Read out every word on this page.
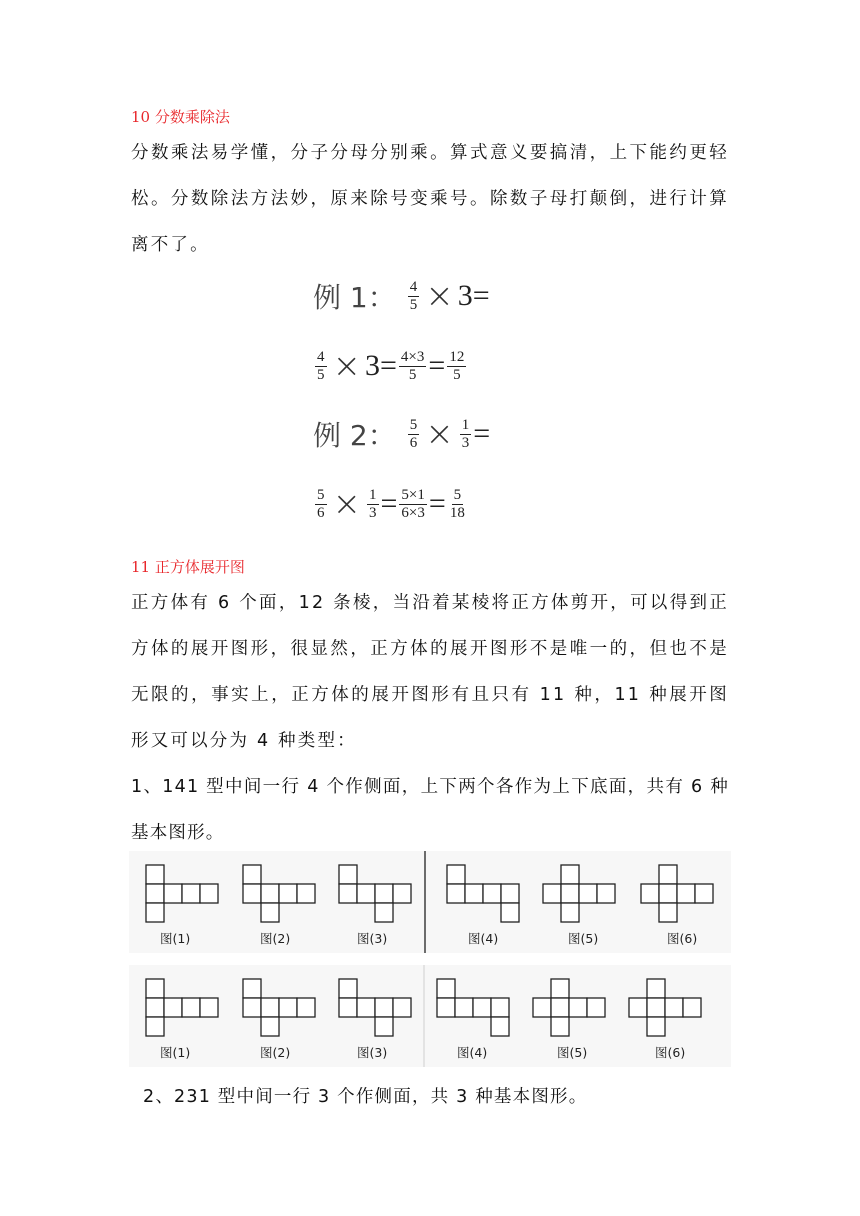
10 分数乘除法
分数乘法易学懂，分子分母分别乘。算式意义要搞清，上下能约更轻松。分数除法方法妙，原来除号变乘号。除数子母打颠倒，进行计算离不了。
例 1： $\frac{4}{5} \times 3$ =
$\frac{4}{5} \times 3 = \frac{4\times 3}{5} = \frac{12}{5}$
例 2： $\frac{5}{6} \times \frac{1}{3}$ =
$\frac{5}{6} \times \frac{1}{3} = \frac{5\times 1}{6\times 3} = \frac{5}{18}$
11 正方体展开图
正方体有 6 个面，12 条棱，当沿着某棱将正方体剪开，可以得到正方体的展开图形，很显然，正方体的展开图形不是唯一的，但也不是无限的，事实上，正方体的展开图形有且只有 11 种，11 种展开图形又可以分为 4 种类型：
1、141 型中间一行 4 个作侧面，上下两个各作为上下底面，共有 6 种基本图形。
图(1)	图(2)	图(3)	图(4)	图(5)	图(6)
图(1)	图(2)	图(3)	图(4)	图(5)	图(6)
2、231 型中间一行 3 个作侧面，共 3 种基本图形。
